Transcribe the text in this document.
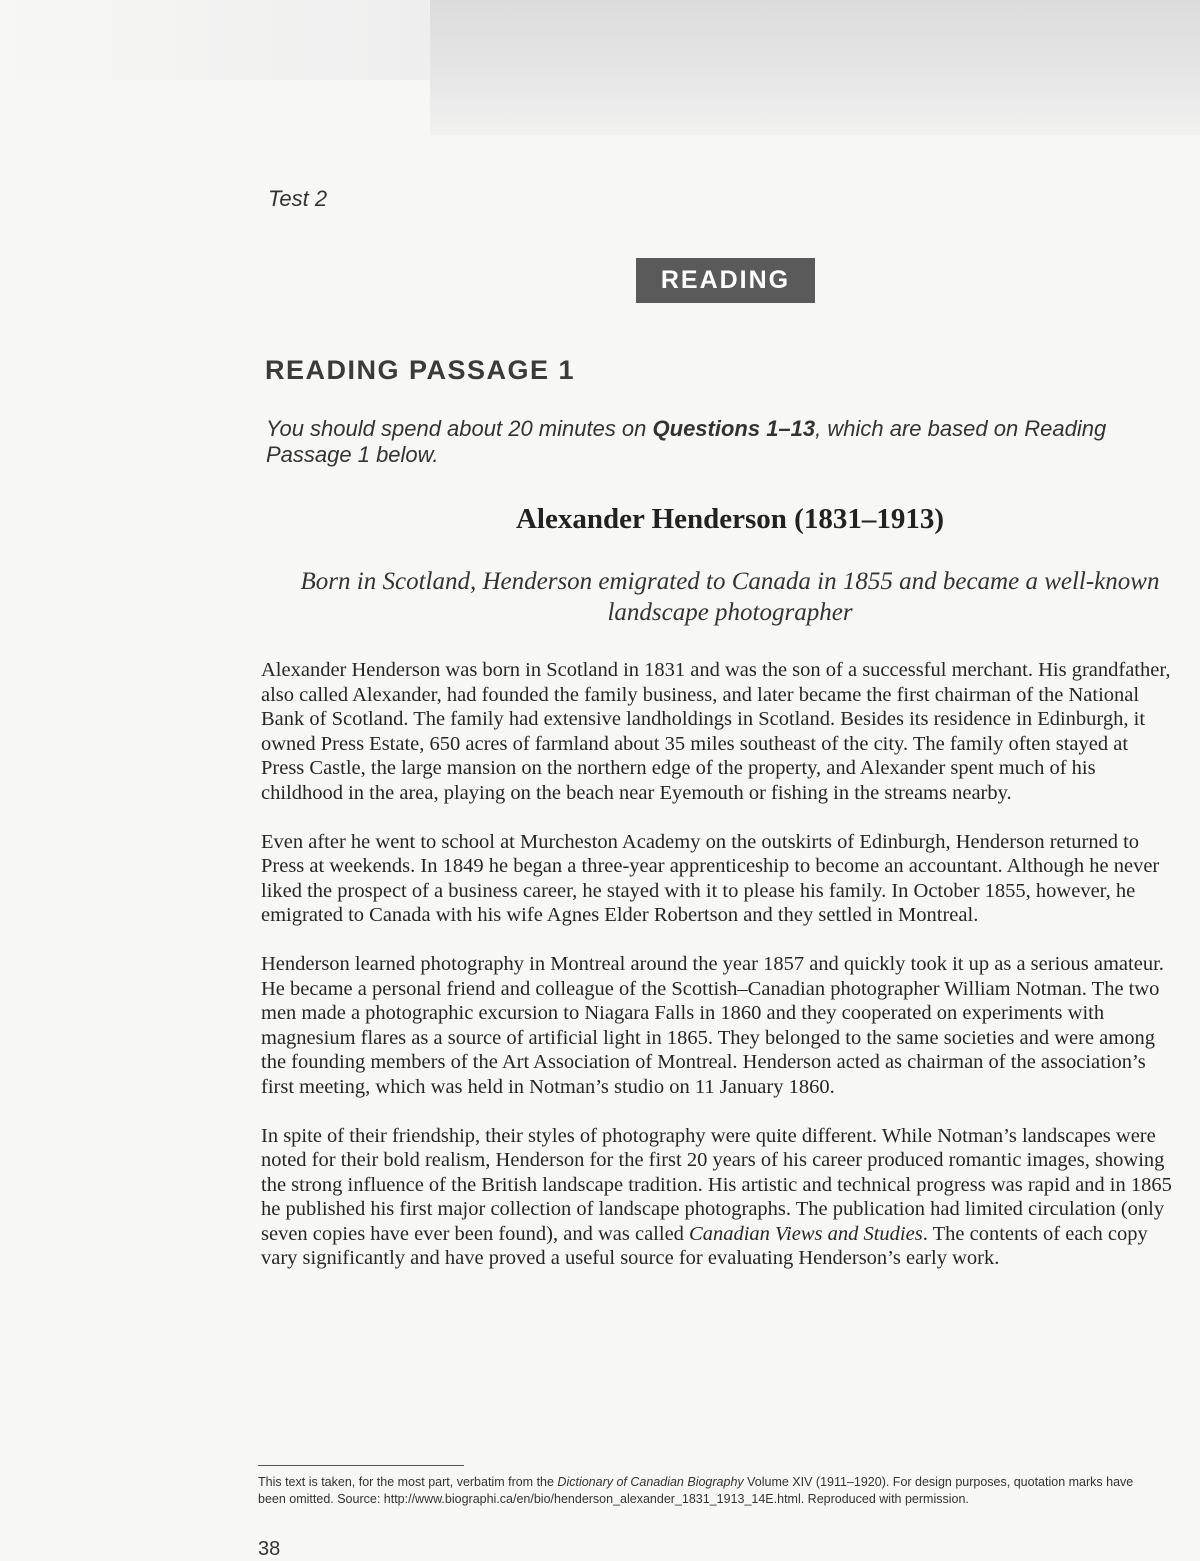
Test 2
READING
READING PASSAGE 1
You should spend about 20 minutes on Questions 1–13, which are based on Reading Passage 1 below.
Alexander Henderson (1831–1913)
Born in Scotland, Henderson emigrated to Canada in 1855 and became a well-known landscape photographer

Alexander Henderson was born in Scotland in 1831 and was the son of a successful merchant. His grandfather, also called Alexander, had founded the family business, and later became the first chairman of the National Bank of Scotland. The family had extensive landholdings in Scotland. Besides its residence in Edinburgh, it owned Press Estate, 650 acres of farmland about 35 miles southeast of the city. The family often stayed at Press Castle, the large mansion on the northern edge of the property, and Alexander spent much of his childhood in the area, playing on the beach near Eyemouth or fishing in the streams nearby.

Even after he went to school at Murcheston Academy on the outskirts of Edinburgh, Henderson returned to Press at weekends. In 1849 he began a three-year apprenticeship to become an accountant. Although he never liked the prospect of a business career, he stayed with it to please his family. In October 1855, however, he emigrated to Canada with his wife Agnes Elder Robertson and they settled in Montreal.

Henderson learned photography in Montreal around the year 1857 and quickly took it up as a serious amateur. He became a personal friend and colleague of the Scottish–Canadian photographer William Notman. The two men made a photographic excursion to Niagara Falls in 1860 and they cooperated on experiments with magnesium flares as a source of artificial light in 1865. They belonged to the same societies and were among the founding members of the Art Association of Montreal. Henderson acted as chairman of the association’s first meeting, which was held in Notman’s studio on 11 January 1860.

In spite of their friendship, their styles of photography were quite different. While Notman’s landscapes were noted for their bold realism, Henderson for the first 20 years of his career produced romantic images, showing the strong influence of the British landscape tradition. His artistic and technical progress was rapid and in 1865 he published his first major collection of landscape photographs. The publication had limited circulation (only seven copies have ever been found), and was called Canadian Views and Studies. The contents of each copy vary significantly and have proved a useful source for evaluating Henderson’s early work.

This text is taken, for the most part, verbatim from the Dictionary of Canadian Biography Volume XIV (1911–1920). For design purposes, quotation marks have been omitted. Source: http://www.biographi.ca/en/bio/henderson_alexander_1831_1913_14E.html. Reproduced with permission.
38
